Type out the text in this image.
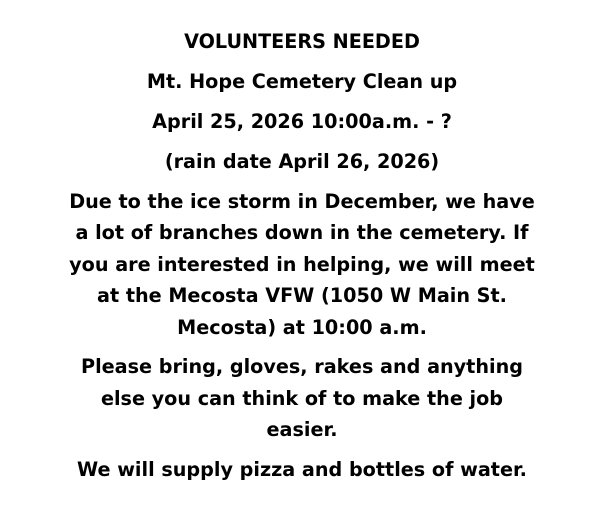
VOLUNTEERS NEEDED

Mt. Hope Cemetery Clean up

April 25, 2026 10:00a.m. - ?

(rain date April 26, 2026)

Due to the ice storm in December, we have a lot of branches down in the cemetery. If you are interested in helping, we will meet at the Mecosta VFW (1050 W Main St. Mecosta) at 10:00 a.m.

Please bring, gloves, rakes and anything else you can think of to make the job easier.

We will supply pizza and bottles of water.
